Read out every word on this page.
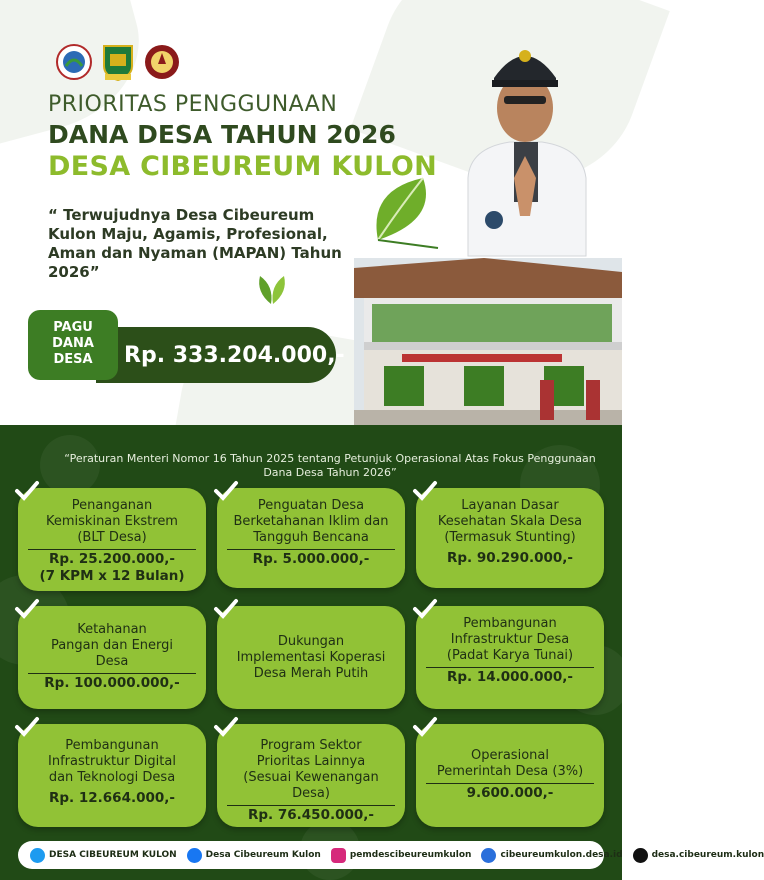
PRIORITAS PENGGUNAAN
DANA DESA TAHUN 2026
DESA CIBEUREUM KULON
“ Terwujudnya Desa Cibeureum Kulon Maju, Agamis, Profesional, Aman dan Nyaman (MAPAN) Tahun 2026”
Rp. 333.204.000,-
PAGU
DANA
DESA
“Peraturan Menteri Nomor 16 Tahun 2025 tentang Petunjuk Operasional Atas Fokus Penggunaan Dana Desa Tahun 2026”
Penanganan
Kemiskinan Ekstrem
(BLT Desa)
Rp. 25.200.000,-
(7 KPM x 12 Bulan)
Penguatan Desa
Berketahanan Iklim dan
Tangguh Bencana
Rp. 5.000.000,-
Layanan Dasar
Kesehatan Skala Desa
(Termasuk Stunting)
Rp. 90.290.000,-
Ketahanan
Pangan dan Energi
Desa
Rp. 100.000.000,-
Dukungan
Implementasi Koperasi
Desa Merah Putih
Pembangunan
Infrastruktur Desa
(Padat Karya Tunai)
Rp. 14.000.000,-
Pembangunan
Infrastruktur Digital
dan Teknologi Desa
Rp. 12.664.000,-
Program Sektor
Prioritas Lainnya
(Sesuai Kewenangan Desa)
Rp. 76.450.000,-
Operasional
Pemerintah Desa (3%)
9.600.000,-
DESA CIBEUREUM KULON	Desa Cibeureum Kulon	pemdescibeureumkulon	cibeureumkulon.desa.id	desa.cibeureum.kulon
